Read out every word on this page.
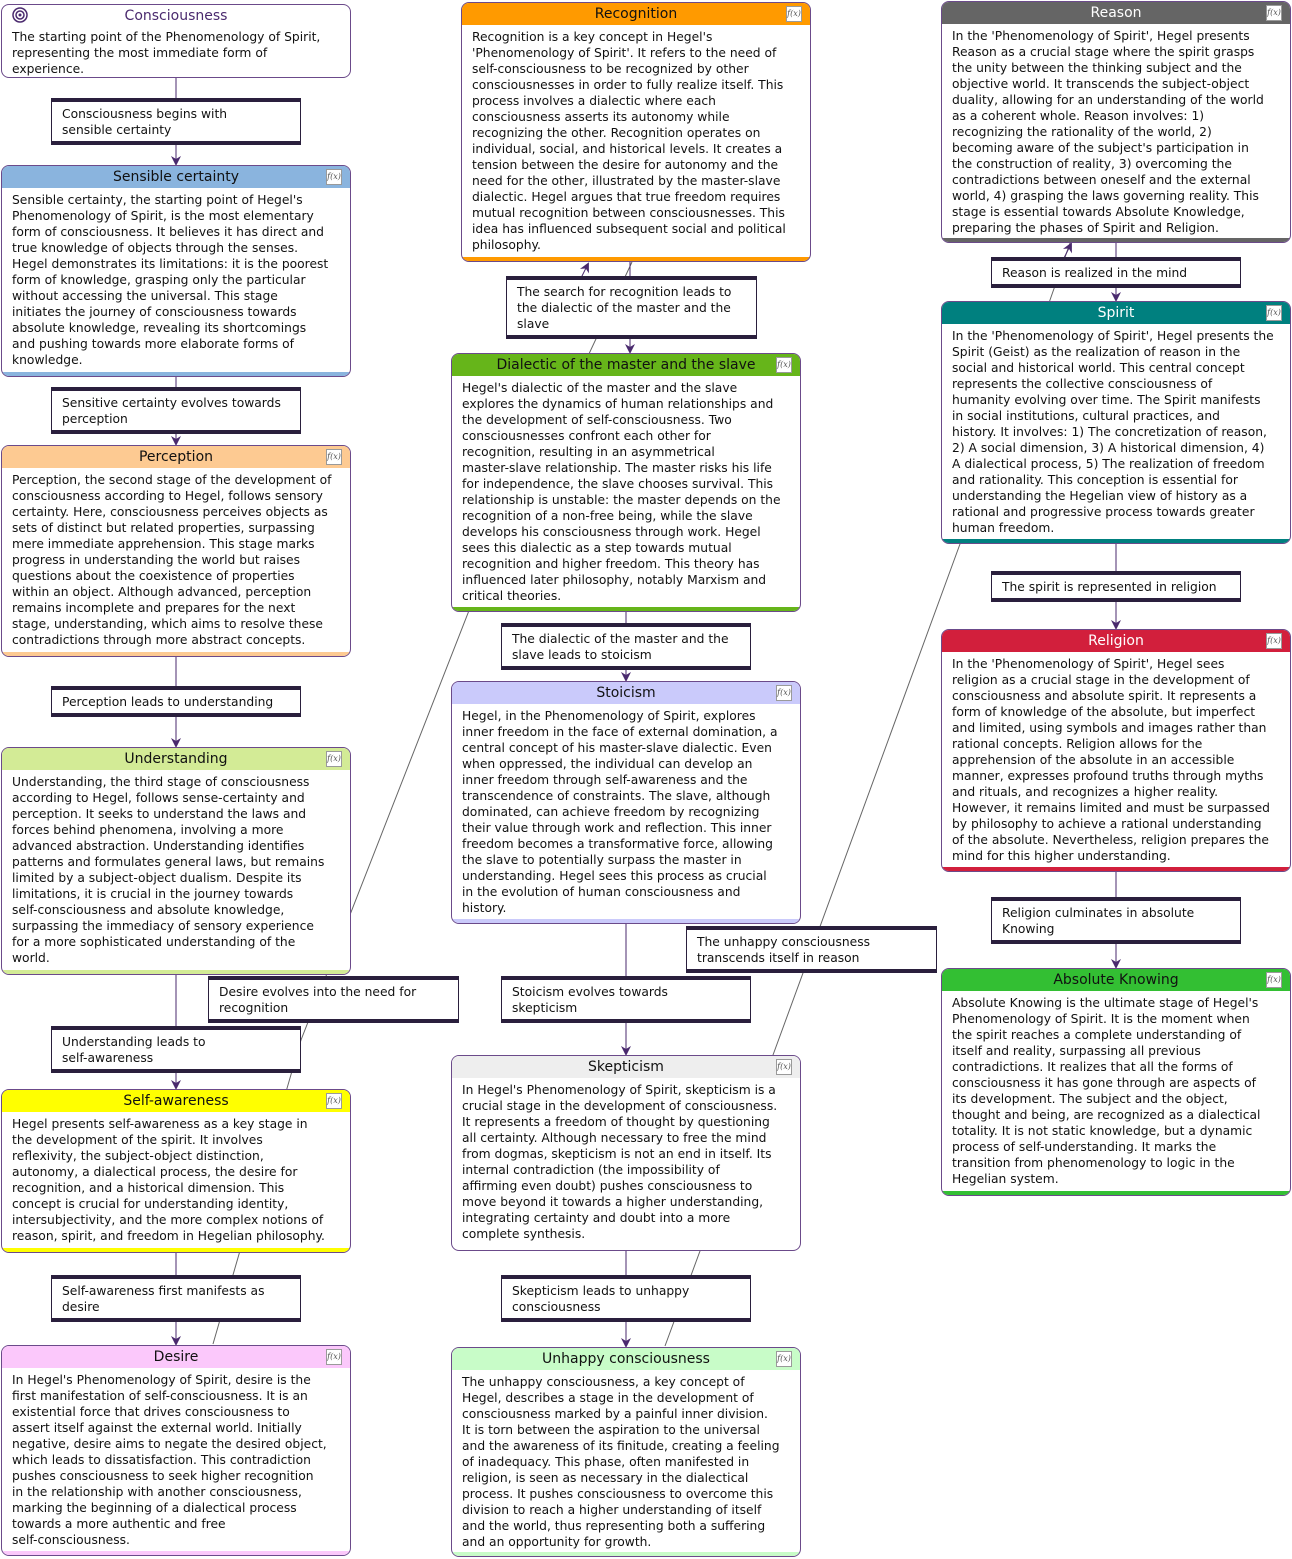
Consciousness
The starting point of the Phenomenology of Spirit,
representing the most immediate form of
experience.
Sensible certainty	f(x)
Sensible certainty, the starting point of Hegel's
Phenomenology of Spirit, is the most elementary
form of consciousness. It believes it has direct and
true knowledge of objects through the senses.
Hegel demonstrates its limitations: it is the poorest
form of knowledge, grasping only the particular
without accessing the universal. This stage
initiates the journey of consciousness towards
absolute knowledge, revealing its shortcomings
and pushing towards more elaborate forms of
knowledge.
Perception	f(x)
Perception, the second stage of the development of
consciousness according to Hegel, follows sensory
certainty. Here, consciousness perceives objects as
sets of distinct but related properties, surpassing
mere immediate apprehension. This stage marks
progress in understanding the world but raises
questions about the coexistence of properties
within an object. Although advanced, perception
remains incomplete and prepares for the next
stage, understanding, which aims to resolve these
contradictions through more abstract concepts.
Understanding	f(x)
Understanding, the third stage of consciousness
according to Hegel, follows sense-certainty and
perception. It seeks to understand the laws and
forces behind phenomena, involving a more
advanced abstraction. Understanding identifies
patterns and formulates general laws, but remains
limited by a subject-object dualism. Despite its
limitations, it is crucial in the journey towards
self-consciousness and absolute knowledge,
surpassing the immediacy of sensory experience
for a more sophisticated understanding of the
world.
Self-awareness	f(x)
Hegel presents self-awareness as a key stage in
the development of the spirit. It involves
reflexivity, the subject-object distinction,
autonomy, a dialectical process, the desire for
recognition, and a historical dimension. This
concept is crucial for understanding identity,
intersubjectivity, and the more complex notions of
reason, spirit, and freedom in Hegelian philosophy.
Desire	f(x)
In Hegel's Phenomenology of Spirit, desire is the
first manifestation of self-consciousness. It is an
existential force that drives consciousness to
assert itself against the external world. Initially
negative, desire aims to negate the desired object,
which leads to dissatisfaction. This contradiction
pushes consciousness to seek higher recognition
in the relationship with another consciousness,
marking the beginning of a dialectical process
towards a more authentic and free
self-consciousness.
Recognition	f(x)
Recognition is a key concept in Hegel's
'Phenomenology of Spirit'. It refers to the need of
self-consciousness to be recognized by other
consciousnesses in order to fully realize itself. This
process involves a dialectic where each
consciousness asserts its autonomy while
recognizing the other. Recognition operates on
individual, social, and historical levels. It creates a
tension between the desire for autonomy and the
need for the other, illustrated by the master-slave
dialectic. Hegel argues that true freedom requires
mutual recognition between consciousnesses. This
idea has influenced subsequent social and political
philosophy.
Dialectic of the master and the slave	f(x)
Hegel's dialectic of the master and the slave
explores the dynamics of human relationships and
the development of self-consciousness. Two
consciousnesses confront each other for
recognition, resulting in an asymmetrical
master-slave relationship. The master risks his life
for independence, the slave chooses survival. This
relationship is unstable: the master depends on the
recognition of a non-free being, while the slave
develops his consciousness through work. Hegel
sees this dialectic as a step towards mutual
recognition and higher freedom. This theory has
influenced later philosophy, notably Marxism and
critical theories.
Stoicism	f(x)
Hegel, in the Phenomenology of Spirit, explores
inner freedom in the face of external domination, a
central concept of his master-slave dialectic. Even
when oppressed, the individual can develop an
inner freedom through self-awareness and the
transcendence of constraints. The slave, although
dominated, can achieve freedom by recognizing
their value through work and reflection. This inner
freedom becomes a transformative force, allowing
the slave to potentially surpass the master in
understanding. Hegel sees this process as crucial
in the evolution of human consciousness and
history.
Skepticism	f(x)
In Hegel's Phenomenology of Spirit, skepticism is a
crucial stage in the development of consciousness.
It represents a freedom of thought by questioning
all certainty. Although necessary to free the mind
from dogmas, skepticism is not an end in itself. Its
internal contradiction (the impossibility of
affirming even doubt) pushes consciousness to
move beyond it towards a higher understanding,
integrating certainty and doubt into a more
complete synthesis.
Unhappy consciousness	f(x)
The unhappy consciousness, a key concept of
Hegel, describes a stage in the development of
consciousness marked by a painful inner division.
It is torn between the aspiration to the universal
and the awareness of its finitude, creating a feeling
of inadequacy. This phase, often manifested in
religion, is seen as necessary in the dialectical
process. It pushes consciousness to overcome this
division to reach a higher understanding of itself
and the world, thus representing both a suffering
and an opportunity for growth.
Reason	f(x)
In the 'Phenomenology of Spirit', Hegel presents
Reason as a crucial stage where the spirit grasps
the unity between the thinking subject and the
objective world. It transcends the subject-object
duality, allowing for an understanding of the world
as a coherent whole. Reason involves: 1)
recognizing the rationality of the world, 2)
becoming aware of the subject's participation in
the construction of reality, 3) overcoming the
contradictions between oneself and the external
world, 4) grasping the laws governing reality. This
stage is essential towards Absolute Knowledge,
preparing the phases of Spirit and Religion.
Spirit	f(x)
In the 'Phenomenology of Spirit', Hegel presents the
Spirit (Geist) as the realization of reason in the
social and historical world. This central concept
represents the collective consciousness of
humanity evolving over time. The Spirit manifests
in social institutions, cultural practices, and
history. It involves: 1) The concretization of reason,
2) A social dimension, 3) A historical dimension, 4)
A dialectical process, 5) The realization of freedom
and rationality. This conception is essential for
understanding the Hegelian view of history as a
rational and progressive process towards greater
human freedom.
Religion	f(x)
In the 'Phenomenology of Spirit', Hegel sees
religion as a crucial stage in the development of
consciousness and absolute spirit. It represents a
form of knowledge of the absolute, but imperfect
and limited, using symbols and images rather than
rational concepts. Religion allows for the
apprehension of the absolute in an accessible
manner, expresses profound truths through myths
and rituals, and recognizes a higher reality.
However, it remains limited and must be surpassed
by philosophy to achieve a rational understanding
of the absolute. Nevertheless, religion prepares the
mind for this higher understanding.
Absolute Knowing	f(x)
Absolute Knowing is the ultimate stage of Hegel's
Phenomenology of Spirit. It is the moment when
the spirit reaches a complete understanding of
itself and reality, surpassing all previous
contradictions. It realizes that all the forms of
consciousness it has gone through are aspects of
its development. The subject and the object,
thought and being, are recognized as a dialectical
totality. It is not static knowledge, but a dynamic
process of self-understanding. It marks the
transition from phenomenology to logic in the
Hegelian system.
Consciousness begins with
sensible certainty
Sensitive certainty evolves towards
perception
Perception leads to understanding
Understanding leads to
self-awareness
Self-awareness first manifests as
desire
Desire evolves into the need for
recognition
The search for recognition leads to
the dialectic of the master and the
slave
The dialectic of the master and the
slave leads to stoicism
Stoicism evolves towards
skepticism
Skepticism leads to unhappy
consciousness
The unhappy consciousness
transcends itself in reason
Reason is realized in the mind
The spirit is represented in religion
Religion culminates in absolute
Knowing
